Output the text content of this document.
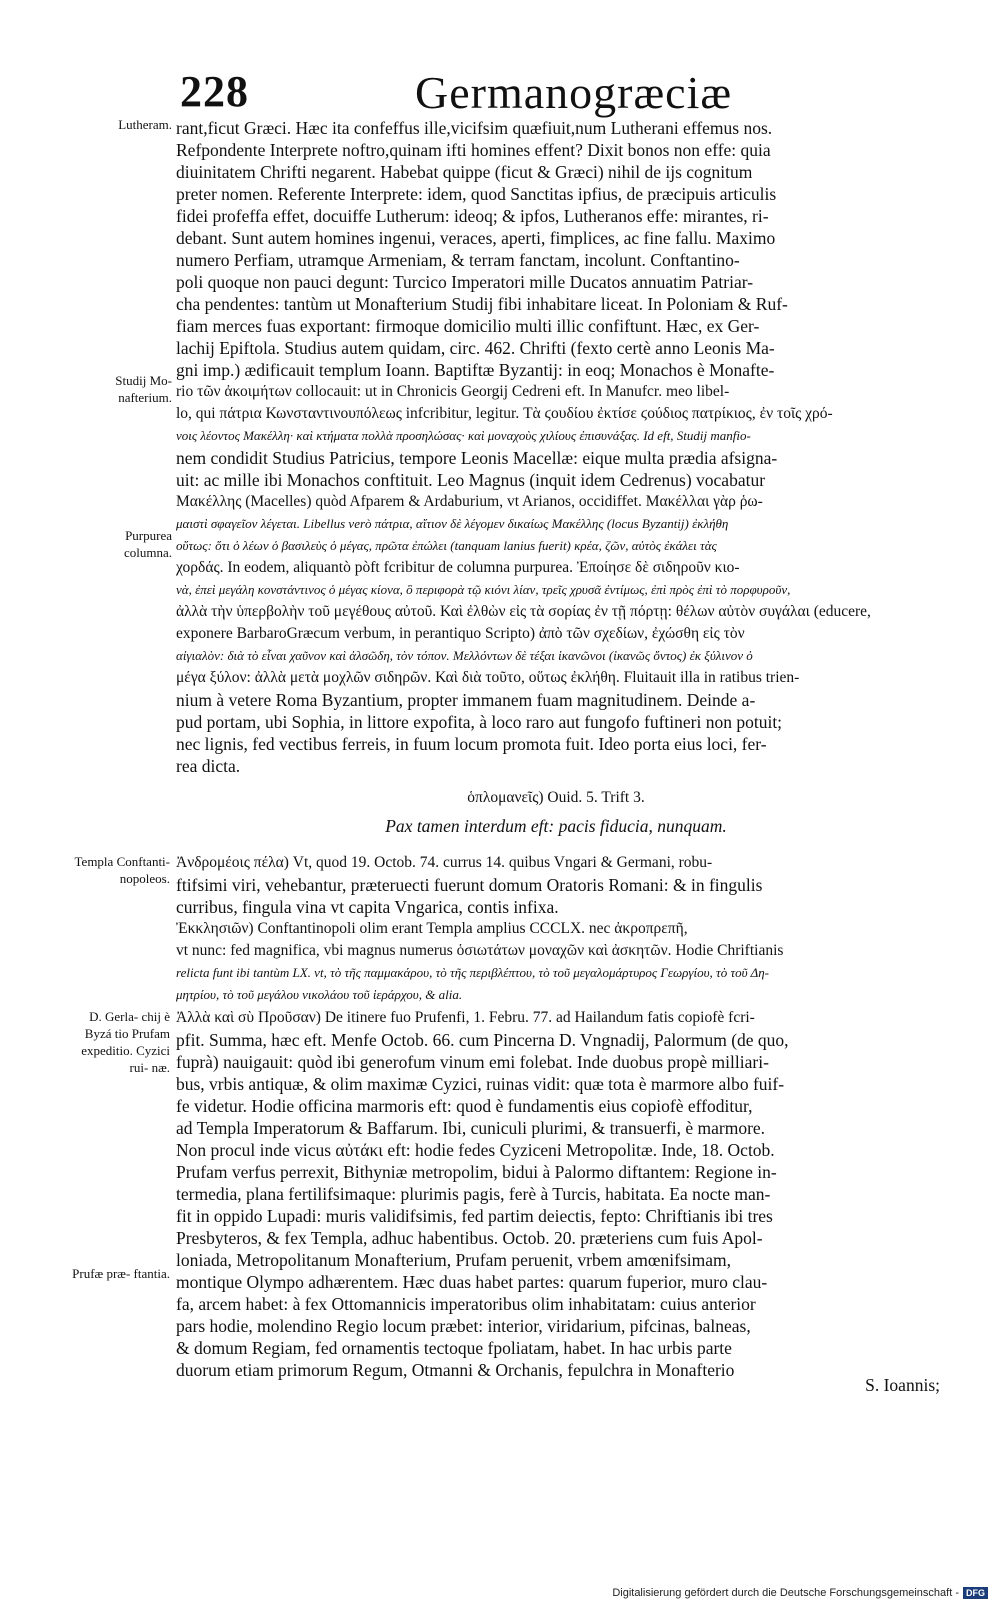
228	Germanogræciæ
Lutheram.
Studij Mo- nafterium.
Purpurea columna.
Templa Conftanti- nopoleos.
D. Gerla- chij è Byzá tio Prufam expeditio. Cyzici rui- næ.
Prufæ præ- ftantia.
rant,ficut Græci. Hæc ita confeffus ille,vicifsim quæfiuit,num Lutherani effemus nos.
Refpondente Interprete noftro,quinam ifti homines effent? Dixit bonos non effe: quia
diuinitatem Chrifti negarent. Habebat quippe (ficut & Græci) nihil de ijs cognitum
preter nomen. Referente Interprete: idem, quod Sanctitas ipfius, de præcipuis articulis
fidei profeffa effet, docuiffe Lutherum: ideoq; & ipfos, Lutheranos effe: mirantes, ri-
debant. Sunt autem homines ingenui, veraces, aperti, fimplices, ac fine fallu. Maximo
numero Perfiam, utramque Armeniam, & terram fanctam, incolunt. Conftantino-
poli quoque non pauci degunt: Turcico Imperatori mille Ducatos annuatim Patriar-
cha pendentes: tantùm ut Monafterium Studij fibi inhabitare liceat. In Poloniam & Ruf-
fiam merces fuas exportant: firmoque domicilio multi illic confiftunt. Hæc, ex Ger-
lachij Epiftola. Studius autem quidam, circ. 462. Chrifti (fexto certè anno Leonis Ma-
gni imp.) ædificauit templum Ioann. Baptiftæ Byzantij: in eoq; Monachos è Monafte-
rio τῶν ἀκοιμήτων collocauit: ut in Chronicis Georgij Cedreni eft. In Manufcr. meo libel-
lo, qui πάτρια Κωνσταντινουπόλεως infcribitur, legitur. Τὰ ϛουδίου ἐκτίσε ϛούδιος πατρίκιος, ἐν τοῖς χρό-
νοις λέοντος Μακέλλη· καὶ κτήματα πολλὰ προσηλώσας· καὶ μοναχοὺς χιλίους ἐπισυνάξας. Id eft, Studij manfio-
nem condidit Studius Patricius, tempore Leonis Macellæ: eique multa prædia afsigna-
uit: ac mille ibi Monachos conftituit. Leo Magnus (inquit idem Cedrenus) vocabatur
Μακέλλης (Macelles) quòd Afparem & Ardaburium, vt Arianos, occidiffet. Μακέλλαι γὰρ ῥω-
μαιστὶ σφαγεῖον λέγεται. Libellus verò πάτρια, αἴτιον δὲ λέγομεν δικαίως Μακέλλης (locus Byzantij) ἐκλήθη
οὕτως: ὅτι ὁ λέων ὁ βασιλεὺς ὁ μέγας, πρῶτα ἐπώλει (tanquam lanius fuerit) κρέα, ζῶν, αὐτὸς ἐκάλει τὰς
χορδάς. In eodem, aliquantò pòft fcribitur de columna purpurea. Ἐποίησε δὲ σιδηροῦν κιο-
νὰ, ἐπεὶ μεγάλη κονστάντινος ὁ μέγας κίονα, ὃ περιφορὰ τῷ κιόνι λίαν, τρεῖς χρυσᾶ ἐντίμως, ἐπὶ πρὸς ἐπὶ τὸ πορφυροῦν,
ἀλλὰ τὴν ὑπερβολὴν τοῦ μεγέθους αὐτοῦ. Καὶ ἐλθὼν εἰς τὰ σορίας ἐν τῇ πόρτῃ: θέλων αὐτὸν συγάλαι (educere,
exponere BarbaroGræcum verbum, in perantiquo Scripto) ἀπὸ τῶν σχεδίων, ἐχώσθη εἰς τὸν
αἰγιαλὸν: διὰ τὸ εἶναι χαῦνον καὶ ἀλσῶδη, τὸν τόπον. Μελλόντων δὲ τέξαι ἱκανῶνοι (ἰκανῶς ὄντος) ἐκ ξύλινον ὀ
μέγα ξύλον: ἀλλὰ μετὰ μοχλῶν σιδηρῶν. Καὶ διὰ τοῦτο, οὕτως ἐκλήθη. Fluitauit illa in ratibus trien-
nium à vetere Roma Byzantium, propter immanem fuam magnitudinem. Deinde a-
pud portam, ubi Sophia, in littore expofita, à loco raro aut fungofo fuftineri non potuit;
nec lignis, fed vectibus ferreis, in fuum locum promota fuit. Ideo porta eius loci, fer-
rea dicta.
ὁπλομανεῖς) Ouid. 5. Trift 3.
Pax tamen interdum eft: pacis fiducia, nunquam.
Ἀνδρομέοις πέλα) Vt, quod 19. Octob. 74. currus 14. quibus Vngari & Germani, robu-
ftifsimi viri, vehebantur, præteruecti fuerunt domum Oratoris Romani: & in fingulis
curribus, fingula vina vt capita Vngarica, contis infixa.
Ἐκκλησιῶν) Conftantinopoli olim erant Templa amplius CCCLX. nec ἀκροπρεπῆ,
vt nunc: fed magnifica, vbi magnus numerus ὁσιωτάτων μοναχῶν καὶ ἀσκητῶν. Hodie Chriftianis
relicta funt ibi tantùm LX. vt, τὸ τῆς παμμακάρου, τὸ τῆς περιβλέπτου, τὸ τοῦ μεγαλομάρτυρος Γεωργίου, τὸ τοῦ Δη-
μητρίου, τὸ τοῦ μεγάλου νικολάου τοῦ ἱεράρχου, & alia.
Ἀλλὰ καὶ σὺ Προῦσαν) De itinere fuo Prufenfi, 1. Febru. 77. ad Hailandum fatis copiofè fcri-
pfit. Summa, hæc eft. Menfe Octob. 66. cum Pincerna D. Vngnadij, Palormum (de quo,
fuprà) nauigauit: quòd ibi generofum vinum emi folebat. Inde duobus propè milliari-
bus, vrbis antiquæ, & olim maximæ Cyzici, ruinas vidit: quæ tota è marmore albo fuif-
fe videtur. Hodie officina marmoris eft: quod è fundamentis eius copiofè effoditur,
ad Templa Imperatorum & Baffarum. Ibi, cuniculi plurimi, & transuerfi, è marmore.
Non procul inde vicus αὐτάκι eft: hodie fedes Cyziceni Metropolitæ. Inde, 18. Octob.
Prufam verfus perrexit, Bithyniæ metropolim, bidui à Palormo diftantem: Regione in-
termedia, plana fertilifsimaque: plurimis pagis, ferè à Turcis, habitata. Ea nocte man-
fit in oppido Lupadi: muris validifsimis, fed partim deiectis, fepto: Chriftianis ibi tres
Presbyteros, & fex Templa, adhuc habentibus. Octob. 20. præteriens cum fuis Apol-
loniada, Metropolitanum Monafterium, Prufam peruenit, vrbem amœnifsimam,
montique Olympo adhærentem. Hæc duas habet partes: quarum fuperior, muro clau-
fa, arcem habet: à fex Ottomannicis imperatoribus olim inhabitatam: cuius anterior
pars hodie, molendino Regio locum præbet: interior, viridarium, pifcinas, balneas,
& domum Regiam, fed ornamentis tectoque fpoliatam, habet. In hac urbis parte
duorum etiam primorum Regum, Otmanni & Orchanis, fepulchra in Monafterio
S. Ioannis;
Digitalisierung gefördert durch die Deutsche Forschungsgemeinschaft - DFG
